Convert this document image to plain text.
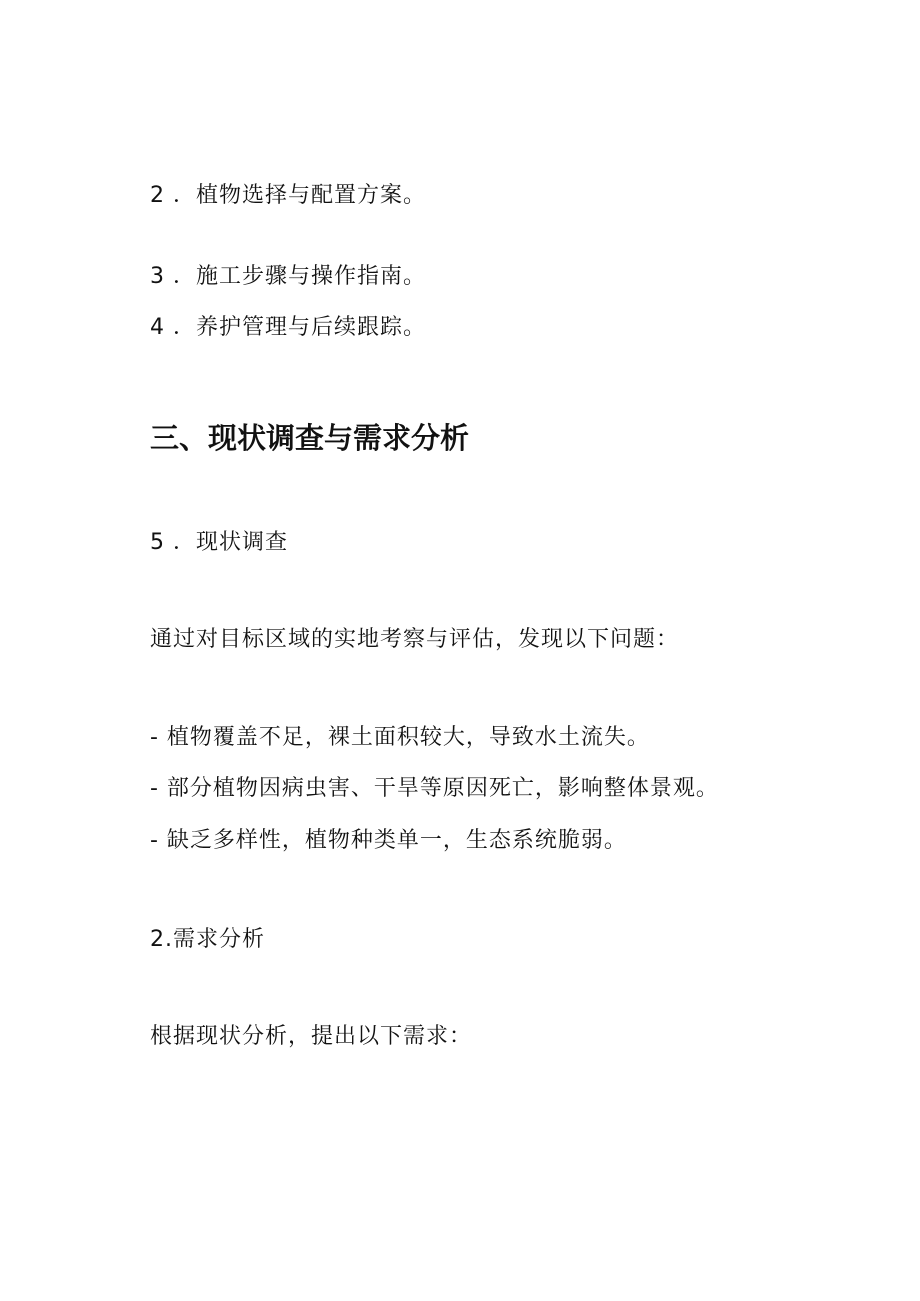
2 ．植物选择与配置方案。
3 ．施工步骤与操作指南。
4 ．养护管理与后续跟踪。
三、现状调查与需求分析
5 ．现状调查
通过对目标区域的实地考察与评估，发现以下问题：
- 植物覆盖不足，裸土面积较大，导致水土流失。
- 部分植物因病虫害、干旱等原因死亡，影响整体景观。
- 缺乏多样性，植物种类单一，生态系统脆弱。
2.需求分析
根据现状分析，提出以下需求：
